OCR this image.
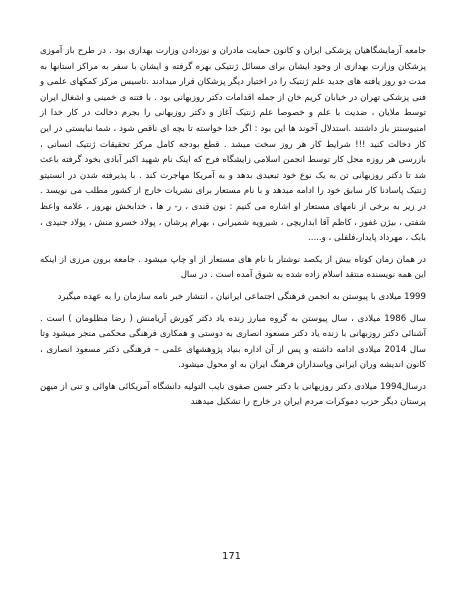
جامعه آزمایشگاهیان پزشکی ایران و کانون حمایت مادران و نوزدادن وزارت بهداری بود . در طرح باز آموزی پزشکان وزارت بهداری از وجود ایشان برای مسائل ژنتیکی بهره گرفته و ایشان با سفر به مراکز استانها به مدت دو روز یافته های جدید علم ژنتیک را در اختیار دیگر پزشکان قرار میدادند .تاسیس مرکز کمکهای علمی و فنی پزشکی تهران در خیابان کریم خان از جمله اقدامات دکتر روزبهانی بود . با فتنه ی خمینی و اشغال ایران توسط ملایان ، ضدیت با علم و خصوصا علم ژنتیک آغاز و دکتر روزبهانی را بجرم دخالت در کار خدا از امنیوسنتز باز داشتند .استدلال آخوند ها این بود : اگر خدا خواسته تا بچه ای ناقص شود ، شما نبایستی در این کار دخالت کنید !!! شرایط کار هر روز سخت میشد . قطع بودجه کامل مرکز تحقیقات ژنتیک انسانی ، بازرسی هر روزه محل کار توسط انجمن اسلامی زایشگاه فرح که اینک نام شهید اکبر آبادی بخود گرفته باعث شد تا دکتر روزبهانی تن به یک نوع خود تبعیدی بدهد و به آمریکا مهاجرت کند . با پذیرفته شدن در انستیتو ژنتیک پاسادنا کار سابق خود را ادامه میدهد و با نام مستعار برای نشریات خارج از کشور مطلب می نویسد . در زیر به برخی از نامهای مستعار او اشاره می کنیم : نون قندی ، ر- ر ها ، خدابخش بهروز ، علامه واعظ شفتی ، بیژن غفور ، کاظم آقا ابداریچی ، شیرویه شمیرانی ، بهرام پرشان ، پولاد خسرو منش ، پولاد جنیدی ، بابک ، مهرداد پایدار،فلفلی ، و.....

در همان زمان کوتاه بیش از یکصد نوشتار با نام های مستعار از او چاپ میشود . جامعه برون مرزی از اینکه این همه نویسنده منتقد اسلام زاده شده به شوق آمده است . در سال

1999 میلادی با پیوستن به انجمن فرهنگی اجتماعی ایرانیان ، انتشار خبر نامه سازمان را به عهده میگیرد

سال 1986 میلادی ، سال پیوستن به گروه مبارز زنده یاد دکتر کورش آریامنش ( رضا مظلومان ) است . آشنائی دکتر روزبهانی با زنده یاد دکتر مسعود انصاری به دوستی و همکاری فرهنگی محکمی منجر میشود وتا سال 2014 میلادی ادامه داشته و پس از آن اداره بنیاد پژوهشهای علمی – فرهنگی دکتر مسعود انصاری ، کانون اندیشه وران ایرانی وپاسداران فرهنگ ایران به او محول میشود.

درسال1994 میلادی دکتر روزبهانی با دکتر حسن صفوی نایب التولیه دانشگاه آمریکائی هاوائی و تنی از میهن پرستان دیگر حزب دموکرات مردم ایران در خارج را تشکیل میدهند

171
